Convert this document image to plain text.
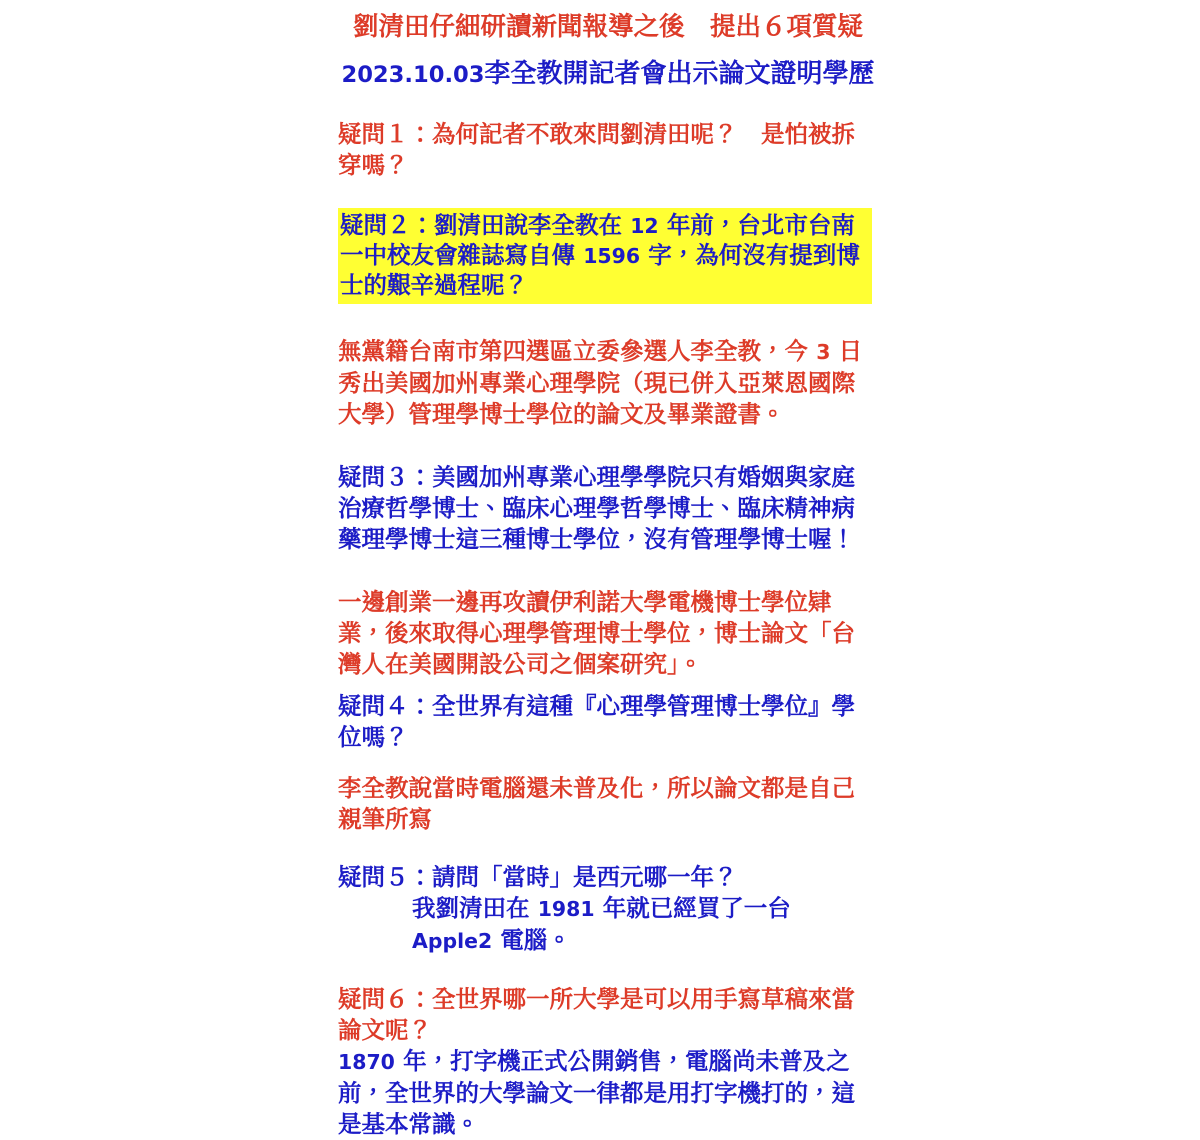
劉清田仔細研讀新聞報導之後　提出６項質疑
2023.10.03李全教開記者會出示論文證明學歷
疑問１：為何記者不敢來問劉清田呢？　是怕被拆穿嗎？
疑問２：劉清田說李全教在 12 年前，台北市台南一中校友會雜誌寫自傳 1596 字，為何沒有提到博士的艱辛過程呢？
無黨籍台南市第四選區立委參選人李全教，今 3 日秀出美國加州專業心理學院（現已併入亞萊恩國際大學）管理學博士學位的論文及畢業證書。
疑問３：美國加州專業心理學學院只有婚姻與家庭治療哲學博士、臨床心理學哲學博士、臨床精神病藥理學博士這三種博士學位，沒有管理學博士喔！
一邊創業一邊再攻讀伊利諾大學電機博士學位肄業，後來取得心理學管理博士學位，博士論文「台灣人在美國開設公司之個案研究」。
疑問４：全世界有這種『心理學管理博士學位』學位嗎？
李全教說當時電腦還未普及化，所以論文都是自己親筆所寫
疑問５：請問「當時」是西元哪一年？
我劉清田在 1981 年就已經買了一台 Apple2 電腦。
疑問６：全世界哪一所大學是可以用手寫草稿來當論文呢？
1870 年，打字機正式公開銷售，電腦尚未普及之前，全世界的大學論文一律都是用打字機打的，這是基本常識。
